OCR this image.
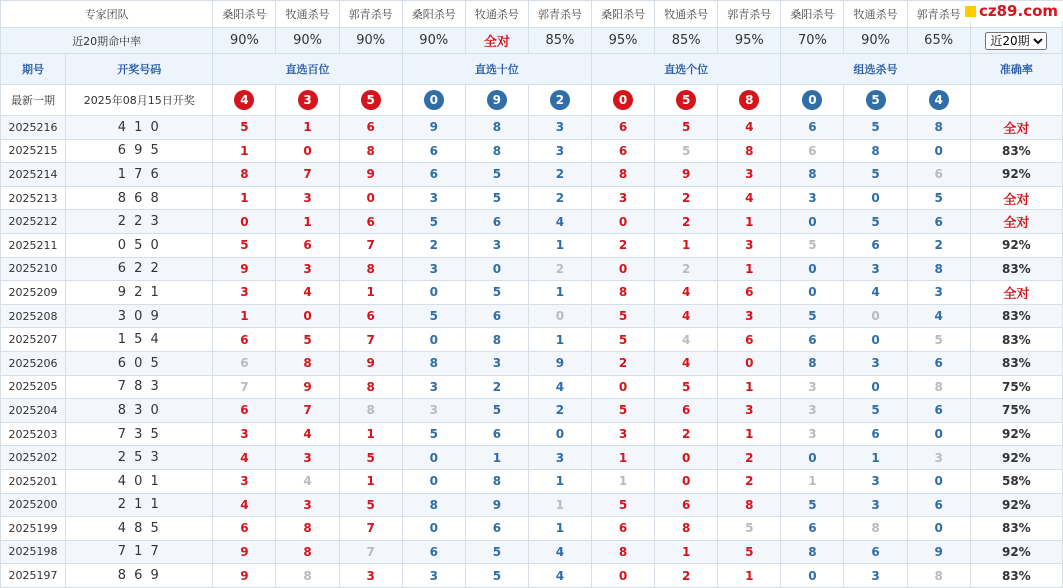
cz89.com
专家团队		桑阳杀号	牧通杀号	郭青杀号	桑阳杀号	牧通杀号	郭青杀号	桑阳杀号	牧通杀号	郭青杀号	桑阳杀号	牧通杀号	郭青杀号	
近20期命中率		90%	90%	90%	90%	全对	85%	95%	85%	95%	70%	90%	65%	
近20期
期号	开奖号码	直选百位			直选十位			直选个位			组选杀号			准确率
最新一期	2025年08月15日开奖	4	3	5	0	9	2	0	5	8	0	5	4	
2025216	4 1 0	5	1	6	9	8	3	6	5	4	6	5	8	全对
2025215	6 9 5	1	0	8	6	8	3	6	5	8	6	8	0	83%
2025214	1 7 6	8	7	9	6	5	2	8	9	3	8	5	6	92%
2025213	8 6 8	1	3	0	3	5	2	3	2	4	3	0	5	全对
2025212	2 2 3	0	1	6	5	6	4	0	2	1	0	5	6	全对
2025211	0 5 0	5	6	7	2	3	1	2	1	3	5	6	2	92%
2025210	6 2 2	9	3	8	3	0	2	0	2	1	0	3	8	83%
2025209	9 2 1	3	4	1	0	5	1	8	4	6	0	4	3	全对
2025208	3 0 9	1	0	6	5	6	0	5	4	3	5	0	4	83%
2025207	1 5 4	6	5	7	0	8	1	5	4	6	6	0	5	83%
2025206	6 0 5	6	8	9	8	3	9	2	4	0	8	3	6	83%
2025205	7 8 3	7	9	8	3	2	4	0	5	1	3	0	8	75%
2025204	8 3 0	6	7	8	3	5	2	5	6	3	3	5	6	75%
2025203	7 3 5	3	4	1	5	6	0	3	2	1	3	6	0	92%
2025202	2 5 3	4	3	5	0	1	3	1	0	2	0	1	3	92%
2025201	4 0 1	3	4	1	0	8	1	1	0	2	1	3	0	58%
2025200	2 1 1	4	3	5	8	9	1	5	6	8	5	3	6	92%
2025199	4 8 5	6	8	7	0	6	1	6	8	5	6	8	0	83%
2025198	7 1 7	9	8	7	6	5	4	8	1	5	8	6	9	92%
2025197	8 6 9	9	8	3	3	5	4	0	2	1	0	3	8	83%
